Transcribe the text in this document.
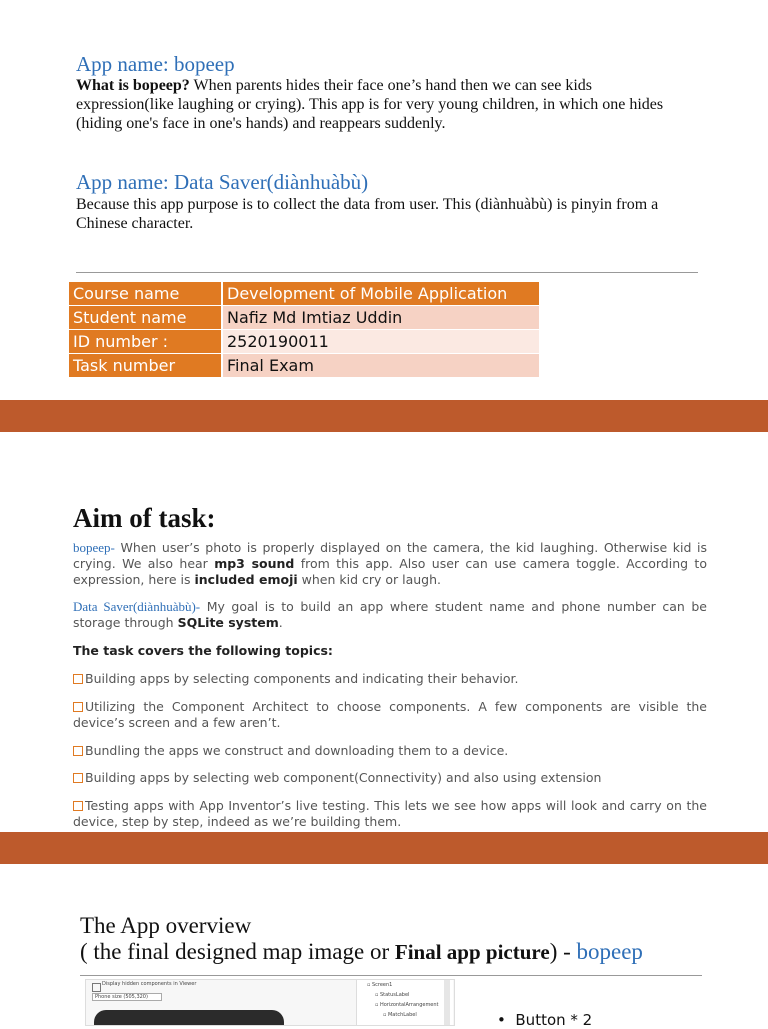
App name: bopeep
What is bopeep? When parents hides their face one’s hand then we can see kids
expression(like laughing or crying). This app is for very young children, in which one hides (hiding one's face in one's hands) and reappears suddenly.
App name: Data Saver(diànhuàbù)
Because this app purpose is to collect the data from user. This (diànhuàbù) is pinyin from a Chinese character.
Course name	Development of Mobile Application
Student name	Nafiz Md Imtiaz Uddin
ID number :	2520190011
Task number	Final Exam
Aim of task:
bopeep- When user’s photo is properly displayed on the camera, the kid laughing. Otherwise kid is crying. We also hear mp3 sound from this app. Also user can use camera toggle. According to expression, here is included emoji when kid cry or laugh.
Data Saver(diànhuàbù)- My goal is to build an app where student name and phone number can be storage through SQLite system.
The task covers the following topics:
Building apps by selecting components and indicating their behavior.
Utilizing the Component Architect to choose components. A few components are visible the device’s screen and a few aren’t.
Bundling the apps we construct and downloading them to a device.
Building apps by selecting web component(Connectivity) and also using extension
Testing apps with App Inventor’s live testing. This lets we see how apps will look and carry on the device, step by step, indeed as we’re building them.
The App overview
( the final designed map image or Final app picture) - bopeep
Display hidden components in Viewer
Phone size (505,320)
▫ Screen1
▫ StatusLabel
▫ HorizontalArrangement
▫ MatchLabel	•  Button * 2
